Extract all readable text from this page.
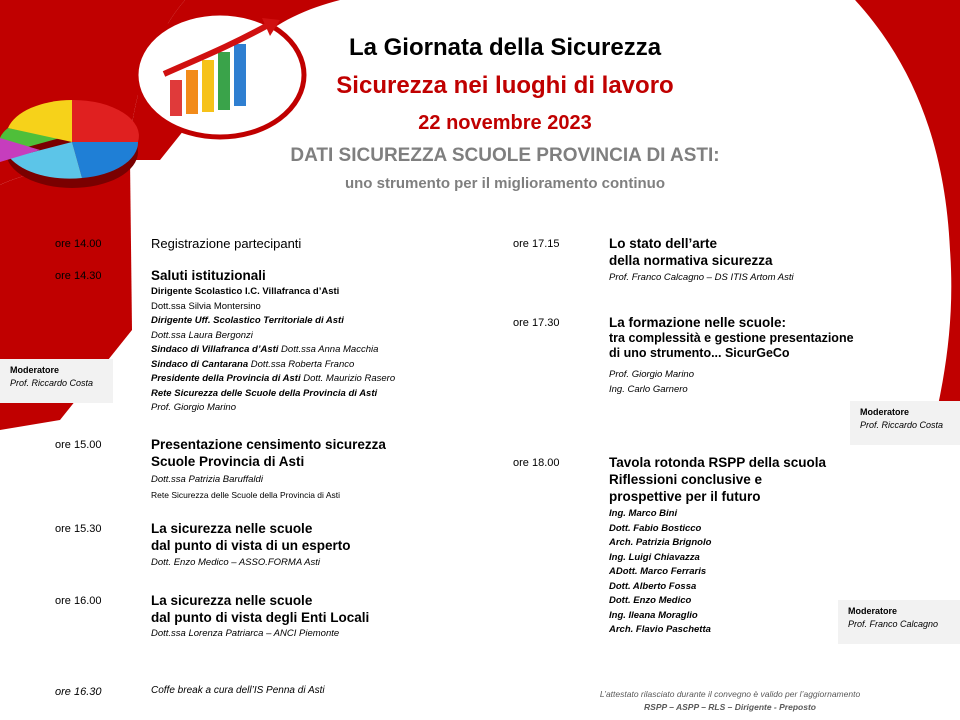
La Giornata della Sicurezza
Sicurezza nei luoghi di lavoro
22 novembre 2023
DATI SICUREZZA SCUOLE PROVINCIA DI ASTI:
uno strumento per il miglioramento continuo
ore 14.00	Registrazione partecipanti
ore 14.30	Saluti istituzionali
Dirigente Scolastico I.C. Villafranca d’Asti
Dott.ssa Silvia Montersino
Dirigente Uff. Scolastico Territoriale di Asti
Dott.ssa Laura Bergonzi
Sindaco di Villafranca d’Asti Dott.ssa Anna Macchia
Sindaco di Cantarana Dott.ssa Roberta Franco
Presidente della Provincia di Asti Dott. Maurizio Rasero
Rete Sicurezza delle Scuole della Provincia di Asti
Prof. Giorgio Marino
ore 15.00	Presentazione censimento sicurezza
Scuole Provincia di Asti
Dott.ssa Patrizia Baruffaldi
Rete Sicurezza delle Scuole della Provincia di Asti
ore 15.30	La sicurezza nelle scuole
dal punto di vista di un esperto
Dott. Enzo Medico – ASSO.FORMA Asti
ore 16.00	La sicurezza nelle scuole
dal punto di vista degli Enti Locali
Dott.ssa Lorenza Patriarca – ANCI Piemonte
ore 16.30	Coffe break a cura dell’IS Penna di Asti
ore 17.15	Lo stato dell’arte
della normativa sicurezza
Prof. Franco Calcagno – DS ITIS Artom Asti
ore 17.30	La formazione nelle scuole:
tra complessità e gestione presentazione
di uno strumento... SicurGeCo
Prof. Giorgio Marino
Ing. Carlo Garnero
ore 18.00	Tavola rotonda RSPP della scuola
Riflessioni conclusive e
prospettive per il futuro
Ing. Marco Bini
Dott. Fabio Bosticco
Arch. Patrizia Brignolo
Ing. Luigi Chiavazza
ADott. Marco Ferraris
Dott. Alberto Fossa
Dott. Enzo Medico
Ing. Ileana Moraglio
Arch. Flavio Paschetta
Moderatore
Prof. Riccardo Costa
Moderatore
Prof. Riccardo Costa
Moderatore
Prof. Franco Calcagno
L’attestato rilasciato durante il convegno è valido per l’aggiornamento
RSPP – ASPP – RLS – Dirigente - Preposto
